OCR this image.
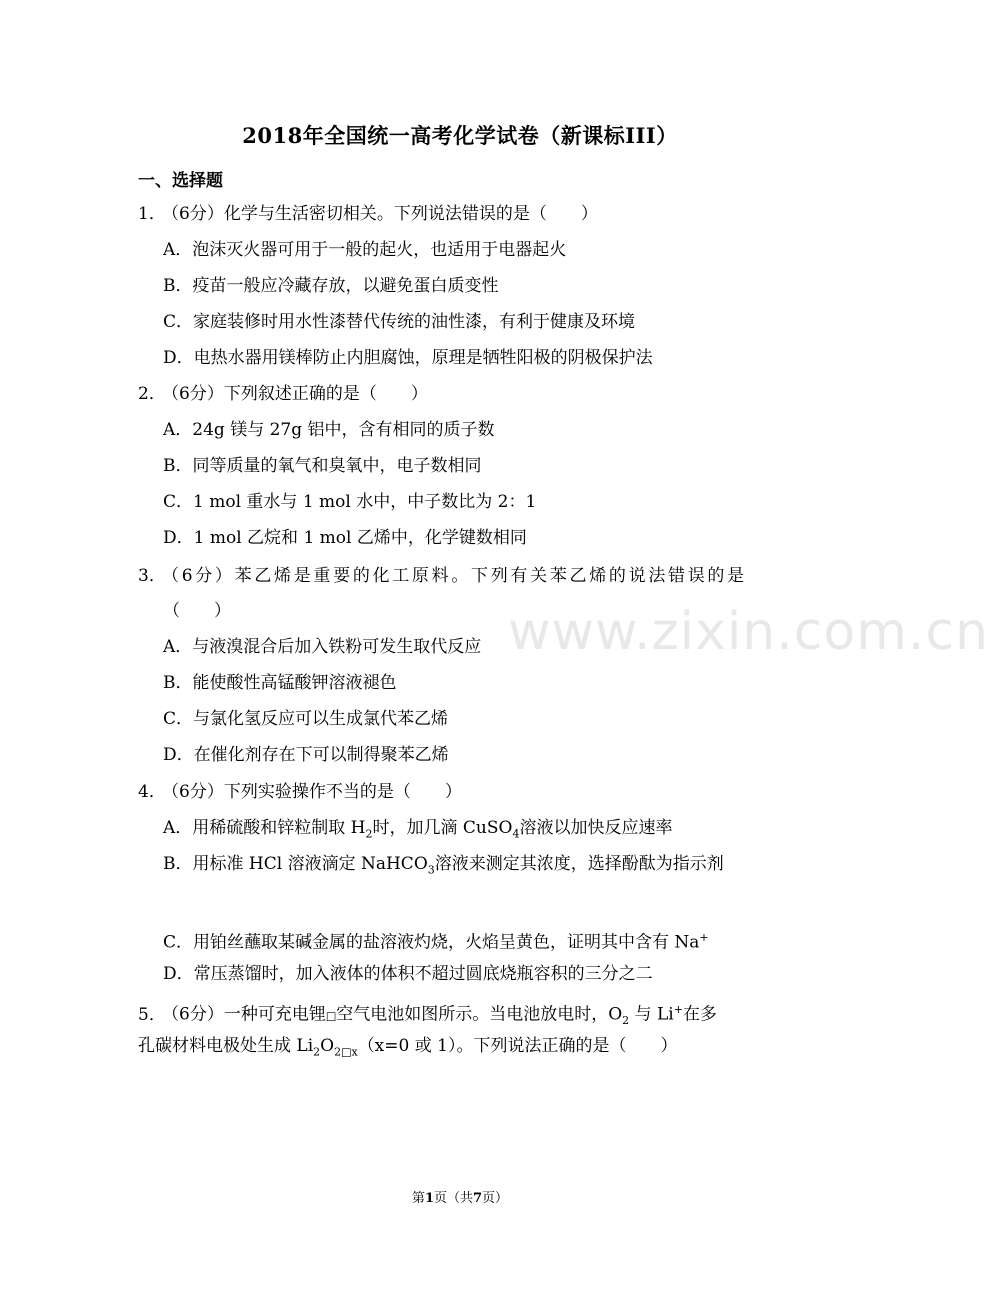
www.zixin.com.cn
2018年全国统一高考化学试卷（新课标III）
一、选择题
1．（6分）化学与生活密切相关。下列说法错误的是（　　）
A．泡沫灭火器可用于一般的起火，也适用于电器起火
B．疫苗一般应冷藏存放，以避免蛋白质变性
C．家庭装修时用水性漆替代传统的油性漆，有利于健康及环境
D．电热水器用镁棒防止内胆腐蚀，原理是牺牲阳极的阴极保护法
2．（6分）下列叙述正确的是（　　）
A．24g 镁与 27g 铝中，含有相同的质子数
B．同等质量的氧气和臭氧中，电子数相同
C．1 mol 重水与 1 mol 水中，中子数比为 2：1
D．1 mol 乙烷和 1 mol 乙烯中，化学键数相同
3．（6分）苯乙烯是重要的化工原料。下列有关苯乙烯的说法错误的是
（　　）
A．与液溴混合后加入铁粉可发生取代反应
B．能使酸性高锰酸钾溶液褪色
C．与氯化氢反应可以生成氯代苯乙烯
D．在催化剂存在下可以制得聚苯乙烯
4．（6分）下列实验操作不当的是（　　）
A．用稀硫酸和锌粒制取 $H_2$时，加几滴 CuSO$_4$溶液以加快反应速率
B．用标准 HCl 溶液滴定 NaHCO$_3$溶液来测定其浓度，选择酚酞为指示剂
C．用铂丝蘸取某碱金属的盐溶液灼烧，火焰呈黄色，证明其中含有 Na+
D．常压蒸馏时，加入液体的体积不超过圆底烧瓶容积的三分之二
5．（6分）一种可充电锂□空气电池如图所示。当电池放电时，$O_2$ 与 Li+在多
孔碳材料电极处生成 $Li_2O_{2□x}(x=0$ 或 1）。下列说法正确的是（　　）
第1页（共7页）
